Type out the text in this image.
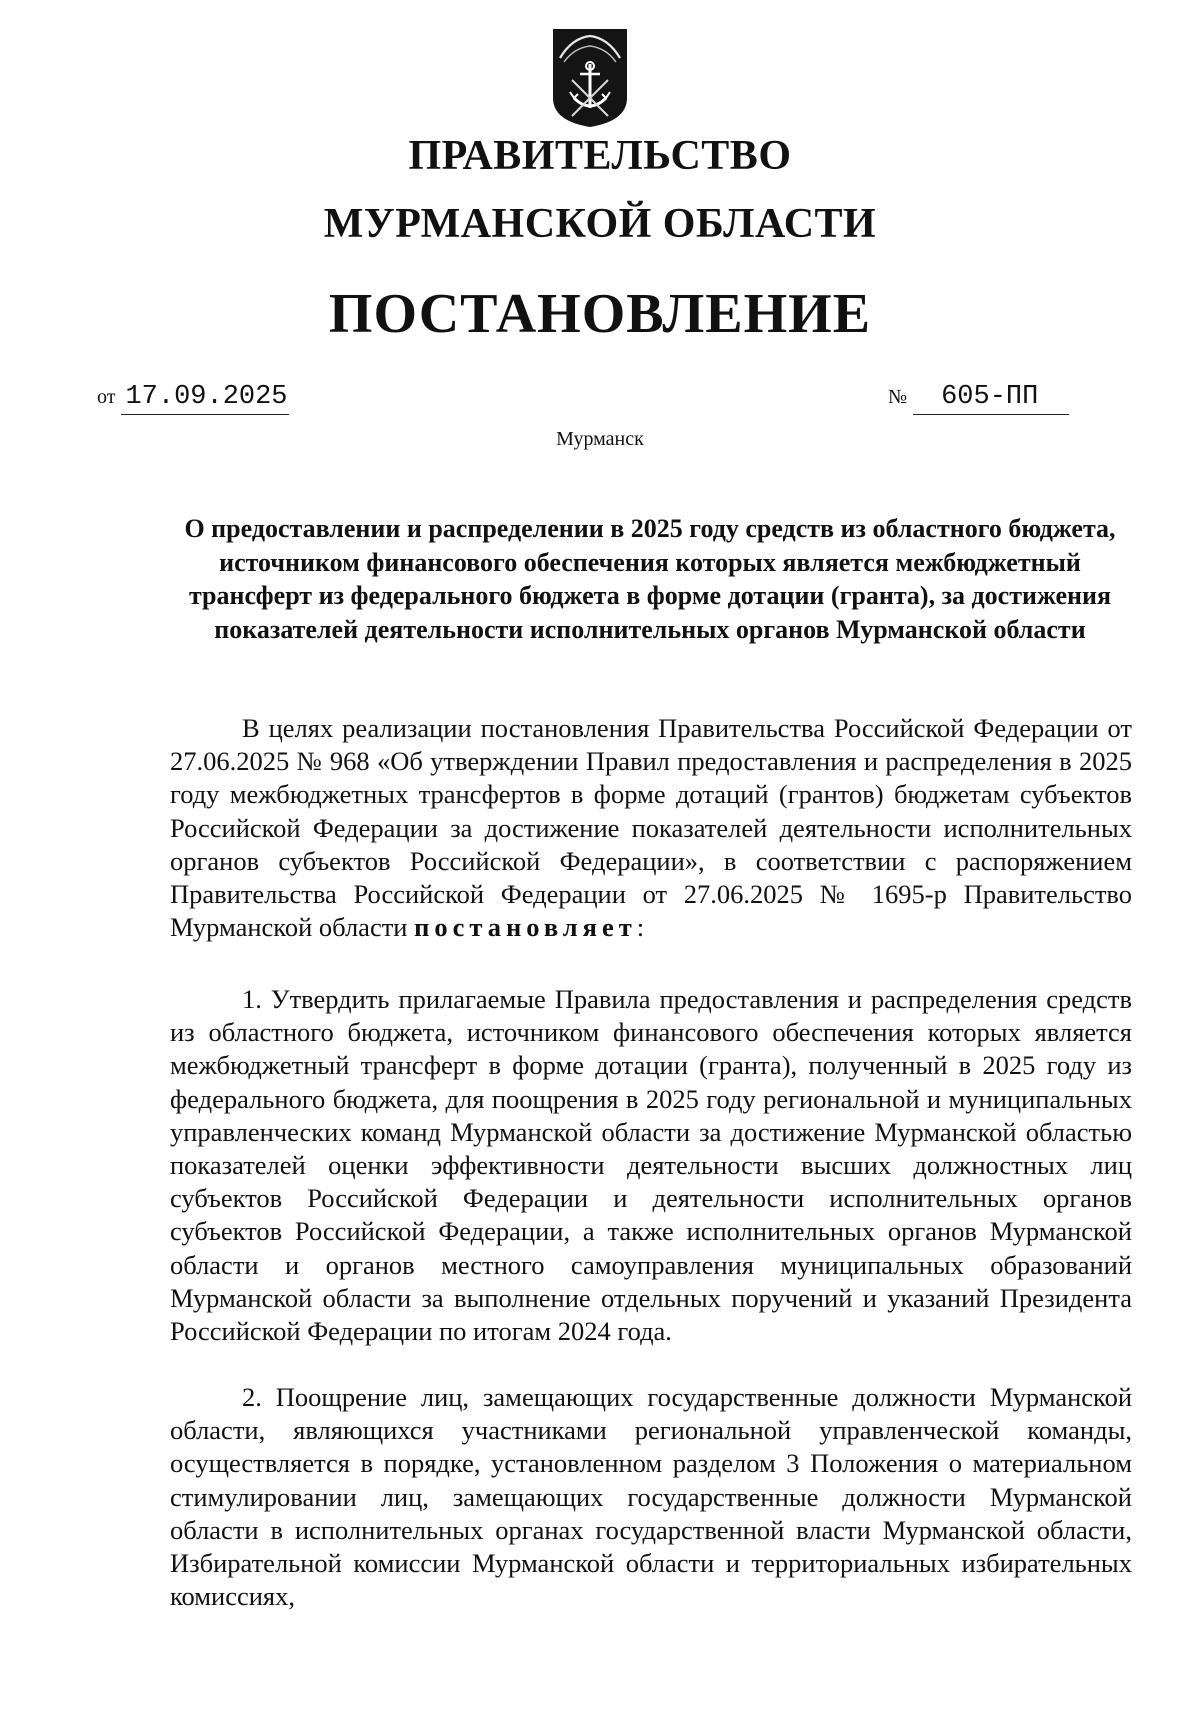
ПРАВИТЕЛЬСТВО
МУРМАНСКОЙ ОБЛАСТИ
ПОСТАНОВЛЕНИЕ
от 17.09.2025	№ 605-ПП
Мурманск
О предоставлении и распределении в 2025 году средств из областного бюджета, источником финансового обеспечения которых является межбюджетный трансферт из федерального бюджета в форме дотации (гранта), за достижения показателей деятельности исполнительных органов Мурманской области

В целях реализации постановления Правительства Российской Федерации от 27.06.2025 № 968 «Об утверждении Правил предоставления и распределения в 2025 году межбюджетных трансфертов в форме дотаций (грантов) бюджетам субъектов Российской Федерации за достижение показателей деятельности исполнительных органов субъектов Российской Федерации», в соответствии с распоряжением Правительства Российской Федерации от 27.06.2025 № 1695-р Правительство Мурманской области постановляет:

1. Утвердить прилагаемые Правила предоставления и распределения средств из областного бюджета, источником финансового обеспечения которых является межбюджетный трансферт в форме дотации (гранта), полученный в 2025 году из федерального бюджета, для поощрения в 2025 году региональной и муниципальных управленческих команд Мурманской области за достижение Мурманской областью показателей оценки эффективности деятельности высших должностных лиц субъектов Российской Федерации и деятельности исполнительных органов субъектов Российской Федерации, а также исполнительных органов Мурманской области и органов местного самоуправления муниципальных образований Мурманской области за выполнение отдельных поручений и указаний Президента Российской Федерации по итогам 2024 года.

2. Поощрение лиц, замещающих государственные должности Мурманской области, являющихся участниками региональной управленческой команды, осуществляется в порядке, установленном разделом 3 Положения о материальном стимулировании лиц, замещающих государственные должности Мурманской области в исполнительных органах государственной власти Мурманской области, Избирательной комиссии Мурманской области и территориальных избирательных комиссиях,
